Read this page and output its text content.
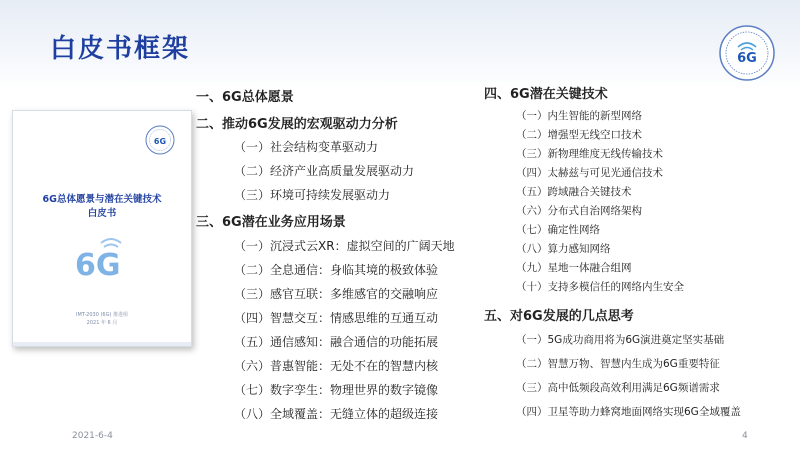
白皮书框架	6G
6G
6G总体愿景与潜在关键技术
白皮书
6G
IMT-2030 (6G) 推进组
2021 年 6 月
一、6G总体愿景
二、推动6G发展的宏观驱动力分析
（一）社会结构变革驱动力
（二）经济产业高质量发展驱动力
（三）环境可持续发展驱动力
三、6G潜在业务应用场景
（一）沉浸式云XR：虚拟空间的广阔天地
（二）全息通信：身临其境的极致体验
（三）感官互联：多维感官的交融响应
（四）智慧交互：情感思维的互通互动
（五）通信感知：融合通信的功能拓展
（六）普惠智能：无处不在的智慧内核
（七）数字孪生：物理世界的数字镜像
（八）全域覆盖：无缝立体的超级连接
四、6G潜在关键技术
（一）内生智能的新型网络
（二）增强型无线空口技术
（三）新物理维度无线传输技术
（四）太赫兹与可见光通信技术
（五）跨域融合关键技术
（六）分布式自治网络架构
（七）确定性网络
（八）算力感知网络
（九）星地一体融合组网
（十）支持多模信任的网络内生安全
五、对6G发展的几点思考
（一）5G成功商用将为6G演进奠定坚实基础
（二）智慧万物、智慧内生成为6G重要特征
（三）高中低频段高效利用满足6G频谱需求
（四）卫星等助力蜂窝地面网络实现6G全域覆盖
2021-6-4	4
